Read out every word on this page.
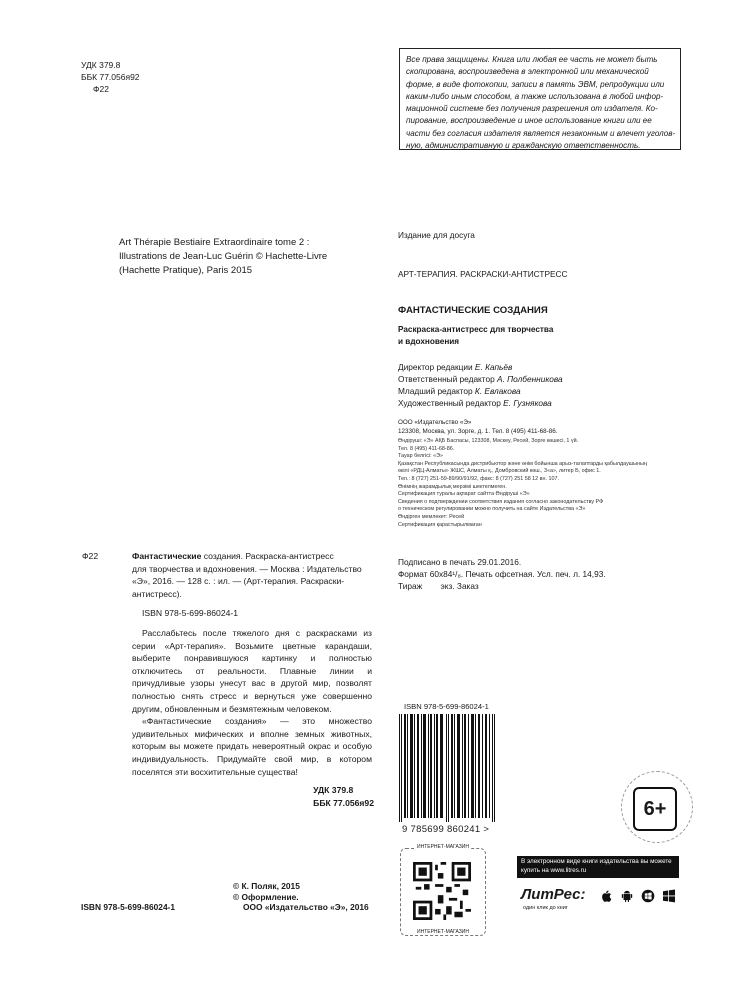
УДК 379.8
ББК 77.056я92
Ф22
Все права защищены. Книга или любая ее часть не может быть
скопирована, воспроизведена в электронной или механической
форме, в виде фотокопии, записи в память ЭВМ, репродукции или
каким-либо иным способом, а также использована в любой инфор-
мационной системе без получения разрешения от издателя. Ко-
пирование, воспроизведение и иное использование книги или ее
части без согласия издателя является незаконным и влечет уголов-
ную, административную и гражданскую ответственность.
Art Thérapie Bestiaire Extraordinaire tome 2 :
Illustrations de Jean-Luc Guérin © Hachette-Livre
(Hachette Pratique), Paris 2015
Издание для досуга
АРТ-ТЕРАПИЯ. РАСКРАСКИ-АНТИСТРЕСС
ФАНТАСТИЧЕСКИЕ СОЗДАНИЯ
Раскраска-антистресс для творчества
и вдохновения
Директор редакции Е. Капьёв
Ответственный редактор А. Полбенникова
Младший редактор К. Евлакова
Художественный редактор Е. Гузнякова
ООО «Издательство «Э»
123308, Москва, ул. Зорге, д. 1. Тел. 8 (495) 411-68-86.
Өндіруші: «Э» АҚБ Баспасы, 123308, Мәскеу, Ресей, Зорге көшесі, 1 үй.
Тел. 8 (495) 411-68-86.
Тауар белгісі: «Э»
Қазақстан Республикасында дистрибьютор және өнім бойынша арыз-талаптарды қабылдаушының
өкілі «РДЦ-Алматы» ЖШС, Алматы қ., Домбровский көш., 3«а», литер Б, офис 1.
Тел.: 8 (727) 251-59-89/90/91/92, факс: 8 (727) 251 58 12 вн. 107.
Өнімнің жарамдылық мерзімі шектелмеген.
Сертификация туралы ақпарат сайтта Өндіруші «Э»
Сведения о подтверждении соответствия издания согласно законодательству РФ
о техническом регулировании можно получить на сайте Издательства «Э»
Өндірген мемлекет: Ресей
Сертификация қарастырылмаған
Подписано в печать 29.01.2016.
Формат 60x84¹/₈. Печать офсетная. Усл. печ. л. 14,93.
Тираж        экз. Заказ
Ф22	Фантастические создания. Раскраска-антистресс
для творчества и вдохновения. — Москва : Издательство
«Э», 2016. — 128 с. : ил. — (Арт-терапия. Раскраски-
антистресс).
ISBN 978-5-699-86024-1

Расслабьтесь после тяжелого дня с раскрасками из серии «Арт-терапия». Возьмите цветные карандаши, выберите понравившуюся картинку и полностью отключитесь от реальности. Плавные линии и причудливые узоры унесут вас в другой мир, позволят полностью снять стресс и вернуться уже совершенно другим, обновленным и безмятежным человеком.

«Фантастические создания» — это множество удивительных мифических и вполне земных животных, которым вы можете придать невероятный окрас и особую индивидуальность. Придумайте свой мир, в котором поселятся эти восхитительные существа!

УДК 379.8
ББК 77.056я92
ISBN 978-5-699-86024-1
© К. Поляк, 2015
© Оформление.
ООО «Издательство «Э», 2016
ISBN 978-5-699-86024-1
9 785699 860241 >
6+
ИНТЕРНЕТ-МАГАЗИН
ИНТЕРНЕТ-МАГАЗИН
В электронном виде книги издательства вы можете
купить на www.litres.ru
ЛитРес:
один клик до книг
